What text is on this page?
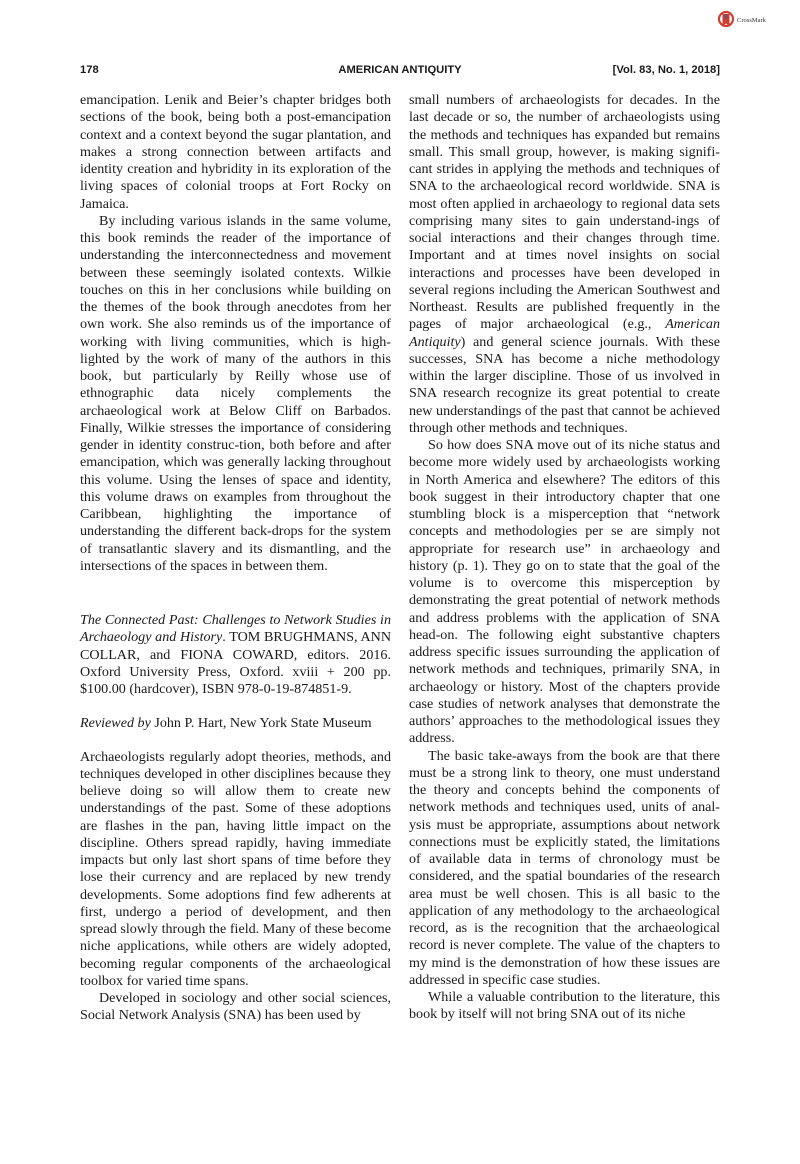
CrossMark
178	AMERICAN ANTIQUITY	[Vol. 83, No. 1, 2018]

emancipation. Lenik and Beier’s chapter bridges both sections of the book, being both a post-emancipation context and a context beyond the sugar plantation, and makes a strong connection between artifacts and identity creation and hybridity in its exploration of the living spaces of colonial troops at Fort Rocky on Jamaica.

By including various islands in the same volume, this book reminds the reader of the importance of understanding the interconnectedness and movement between these seemingly isolated contexts. Wilkie touches on this in her conclusions while building on the themes of the book through anecdotes from her own work. She also reminds us of the importance of working with living communities, which is high-lighted by the work of many of the authors in this book, but particularly by Reilly whose use of ethnographic data nicely complements the archaeological work at Below Cliff on Barbados. Finally, Wilkie stresses the importance of considering gender in identity construc-tion, both before and after emancipation, which was generally lacking throughout this volume. Using the lenses of space and identity, this volume draws on examples from throughout the Caribbean, highlighting the importance of understanding the different back-drops for the system of transatlantic slavery and its dismantling, and the intersections of the spaces in between them.

The Connected Past: Challenges to Network Studies in Archaeology and History. TOM BRUGHMANS, ANN COLLAR, and FIONA COWARD, editors. 2016. Oxford University Press, Oxford. xviii + 200 pp. $100.00 (hardcover), ISBN 978-0-19-874851-9.

Reviewed by John P. Hart, New York State Museum

Archaeologists regularly adopt theories, methods, and techniques developed in other disciplines because they believe doing so will allow them to create new understandings of the past. Some of these adoptions are flashes in the pan, having little impact on the discipline. Others spread rapidly, having immediate impacts but only last short spans of time before they lose their currency and are replaced by new trendy developments. Some adoptions find few adherents at first, undergo a period of development, and then spread slowly through the field. Many of these become niche applications, while others are widely adopted, becoming regular components of the archaeological toolbox for varied time spans.

Developed in sociology and other social sciences, Social Network Analysis (SNA) has been used by

small numbers of archaeologists for decades. In the last decade or so, the number of archaeologists using the methods and techniques has expanded but remains small. This small group, however, is making signifi-cant strides in applying the methods and techniques of SNA to the archaeological record worldwide. SNA is most often applied in archaeology to regional data sets comprising many sites to gain understand-ings of social interactions and their changes through time. Important and at times novel insights on social interactions and processes have been developed in several regions including the American Southwest and Northeast. Results are published frequently in the pages of major archaeological (e.g., American Antiquity) and general science journals. With these successes, SNA has become a niche methodology within the larger discipline. Those of us involved in SNA research recognize its great potential to create new understandings of the past that cannot be achieved through other methods and techniques.

So how does SNA move out of its niche status and become more widely used by archaeologists working in North America and elsewhere? The editors of this book suggest in their introductory chapter that one stumbling block is a misperception that “network concepts and methodologies per se are simply not appropriate for research use” in archaeology and history (p. 1). They go on to state that the goal of the volume is to overcome this misperception by demonstrating the great potential of network methods and address problems with the application of SNA head-on. The following eight substantive chapters address specific issues surrounding the application of network methods and techniques, primarily SNA, in archaeology or history. Most of the chapters provide case studies of network analyses that demonstrate the authors’ approaches to the methodological issues they address.

The basic take-aways from the book are that there must be a strong link to theory, one must understand the theory and concepts behind the components of network methods and techniques used, units of anal-ysis must be appropriate, assumptions about network connections must be explicitly stated, the limitations of available data in terms of chronology must be considered, and the spatial boundaries of the research area must be well chosen. This is all basic to the application of any methodology to the archaeological record, as is the recognition that the archaeological record is never complete. The value of the chapters to my mind is the demonstration of how these issues are addressed in specific case studies.

While a valuable contribution to the literature, this book by itself will not bring SNA out of its niche
